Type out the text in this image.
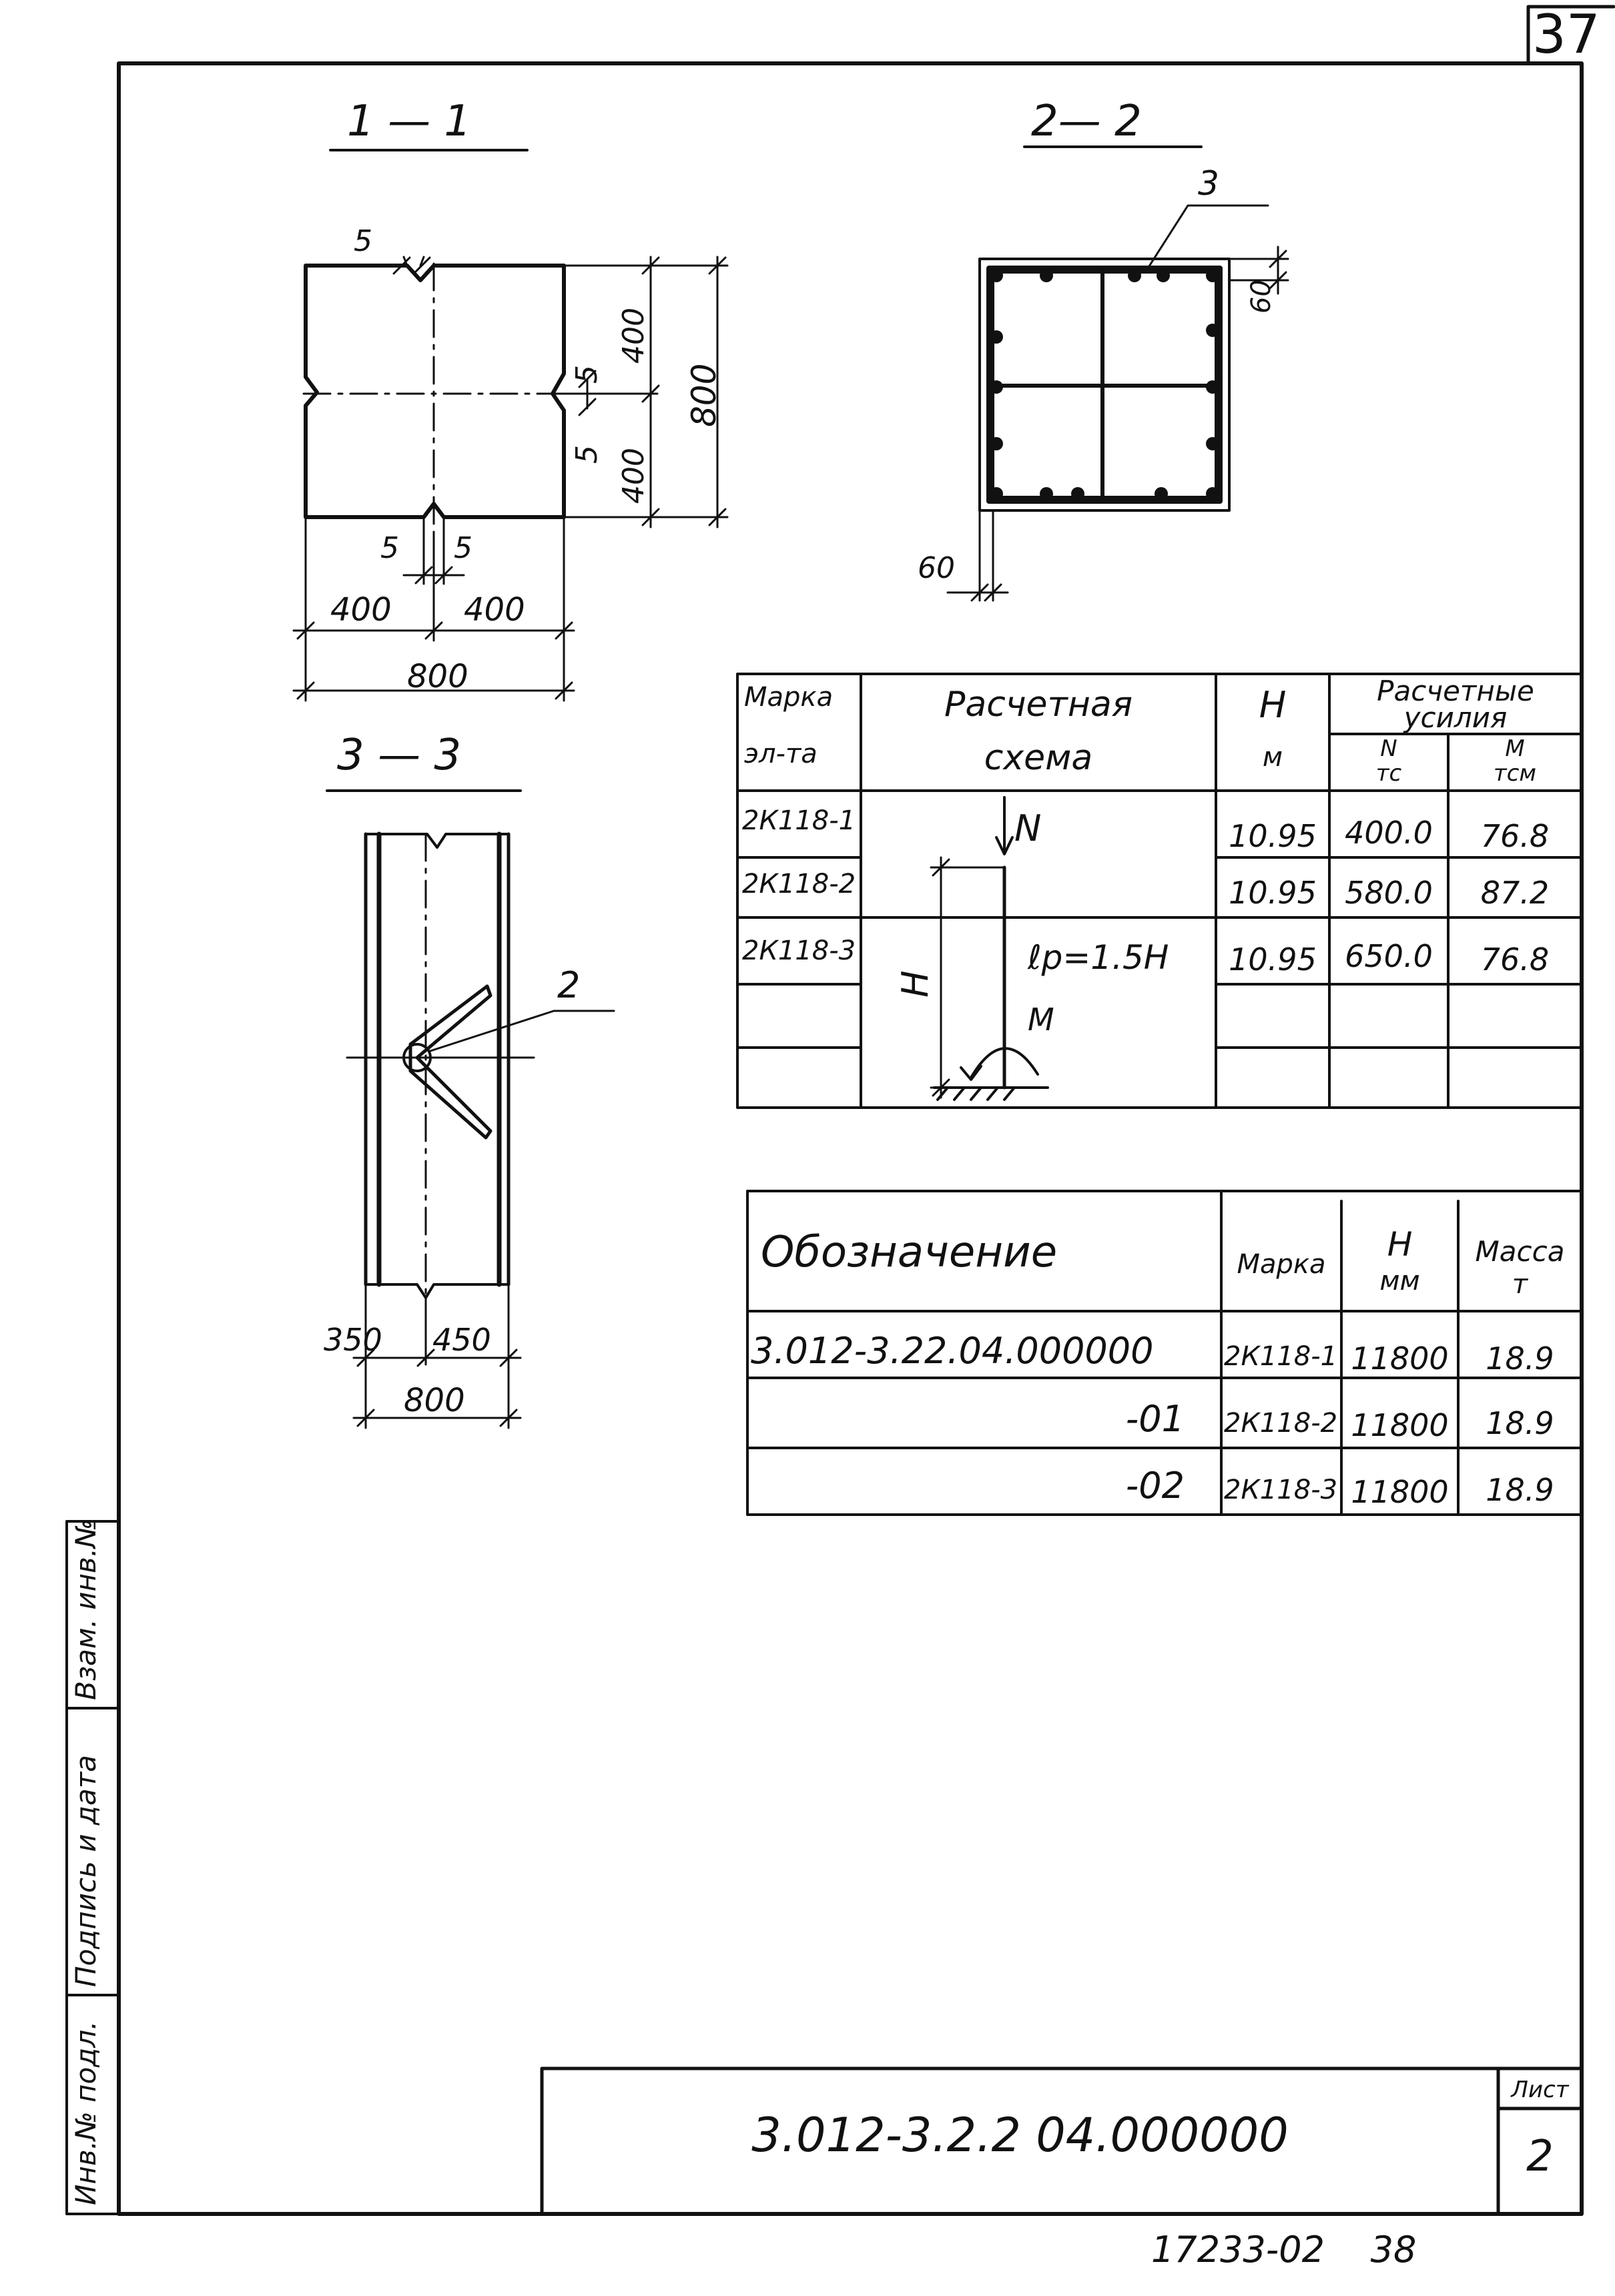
37
1 — 1
5
400
800
5
5 400
5 5
400 400
800
2— 2
3
60
60
3 — 3
2
350 450
800
Марка
эл-та
Расчетная
схема
H
м
Расчетные
усилия
N
тс
M
тсм
2К118-1	10.95 400.0	76.8
2К118-2	10.95 580.0	87.2
2К118-3	10.95 650.0	76.8
N
H
ℓр=1.5H
M
Обозначение	Марка
H
мм
Масса
т
3.012-3.22.04.000000	2К118-1 11800	18.9
-01 2К118-2 11800	18.9
-02 2К118-3 11800	18.9
Инв.№ подл.
Подпись и дата
Взам. инв.№
3.012-3.2.2 04.000000
Лист
2
17233-02    38
